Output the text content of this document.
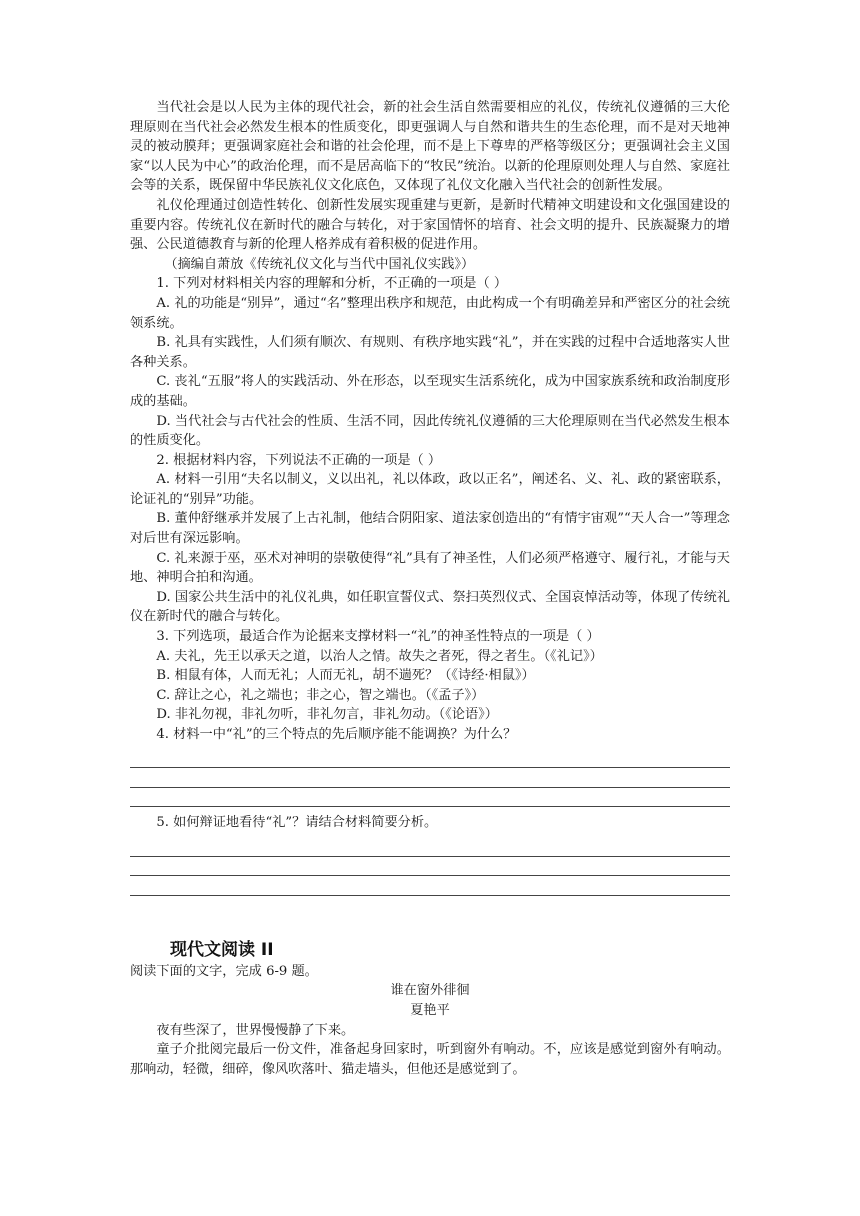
当代社会是以人民为主体的现代社会，新的社会生活自然需要相应的礼仪，传统礼仪遵循的三大伦理原则在当代社会必然发生根本的性质变化，即更强调人与自然和谐共生的生态伦理，而不是对天地神灵的被动膜拜；更强调家庭社会和谐的社会伦理，而不是上下尊卑的严格等级区分；更强调社会主义国家“以人民为中心”的政治伦理，而不是居高临下的“牧民”统治。以新的伦理原则处理人与自然、家庭社会等的关系，既保留中华民族礼仪文化底色，又体现了礼仪文化融入当代社会的创新性发展。

礼仪伦理通过创造性转化、创新性发展实现重建与更新，是新时代精神文明建设和文化强国建设的重要内容。传统礼仪在新时代的融合与转化，对于家国情怀的培育、社会文明的提升、民族凝聚力的增强、公民道德教育与新的伦理人格养成有着积极的促进作用。

（摘编自萧放《传统礼仪文化与当代中国礼仪实践》）

1. 下列对材料相关内容的理解和分析，不正确的一项是（ ）

A. 礼的功能是“别异”，通过“名”整理出秩序和规范，由此构成一个有明确差异和严密区分的社会统领系统。

B. 礼具有实践性，人们须有顺次、有规则、有秩序地实践“礼”，并在实践的过程中合适地落实人世各种关系。

C. 丧礼“五服”将人的实践活动、外在形态，以至现实生活系统化，成为中国家族系统和政治制度形成的基础。

D. 当代社会与古代社会的性质、生活不同，因此传统礼仪遵循的三大伦理原则在当代必然发生根本的性质变化。

2. 根据材料内容，下列说法不正确的一项是（ ）

A. 材料一引用“夫名以制义，义以出礼，礼以体政，政以正名”，阐述名、义、礼、政的紧密联系，论证礼的“别异”功能。

B. 董仲舒继承并发展了上古礼制，他结合阴阳家、道法家创造出的“有情宇宙观”“天人合一”等理念对后世有深远影响。

C. 礼来源于巫，巫术对神明的崇敬使得“礼”具有了神圣性，人们必须严格遵守、履行礼，才能与天地、神明合拍和沟通。

D. 国家公共生活中的礼仪礼典，如任职宣誓仪式、祭扫英烈仪式、全国哀悼活动等，体现了传统礼仪在新时代的融合与转化。

3. 下列选项，最适合作为论据来支撑材料一“礼”的神圣性特点的一项是（ ）

A. 夫礼，先王以承天之道，以治人之情。故失之者死，得之者生。（《礼记》）

B. 相鼠有体，人而无礼；人而无礼，胡不遄死？（《诗经·相鼠》）

C. 辞让之心，礼之端也；非之心，智之端也。（《孟子》）

D. 非礼勿视，非礼勿听，非礼勿言，非礼勿动。（《论语》）

4. 材料一中“礼”的三个特点的先后顺序能不能调换？为什么？

5. 如何辩证地看待“礼”？请结合材料简要分析。

现代文阅读 II

阅读下面的文字，完成 6-9 题。

谁在窗外徘徊

夏艳平

夜有些深了，世界慢慢静了下来。

童子介批阅完最后一份文件，准备起身回家时，听到窗外有响动。不，应该是感觉到窗外有响动。那响动，轻微，细碎，像风吹落叶、猫走墙头，但他还是感觉到了。
